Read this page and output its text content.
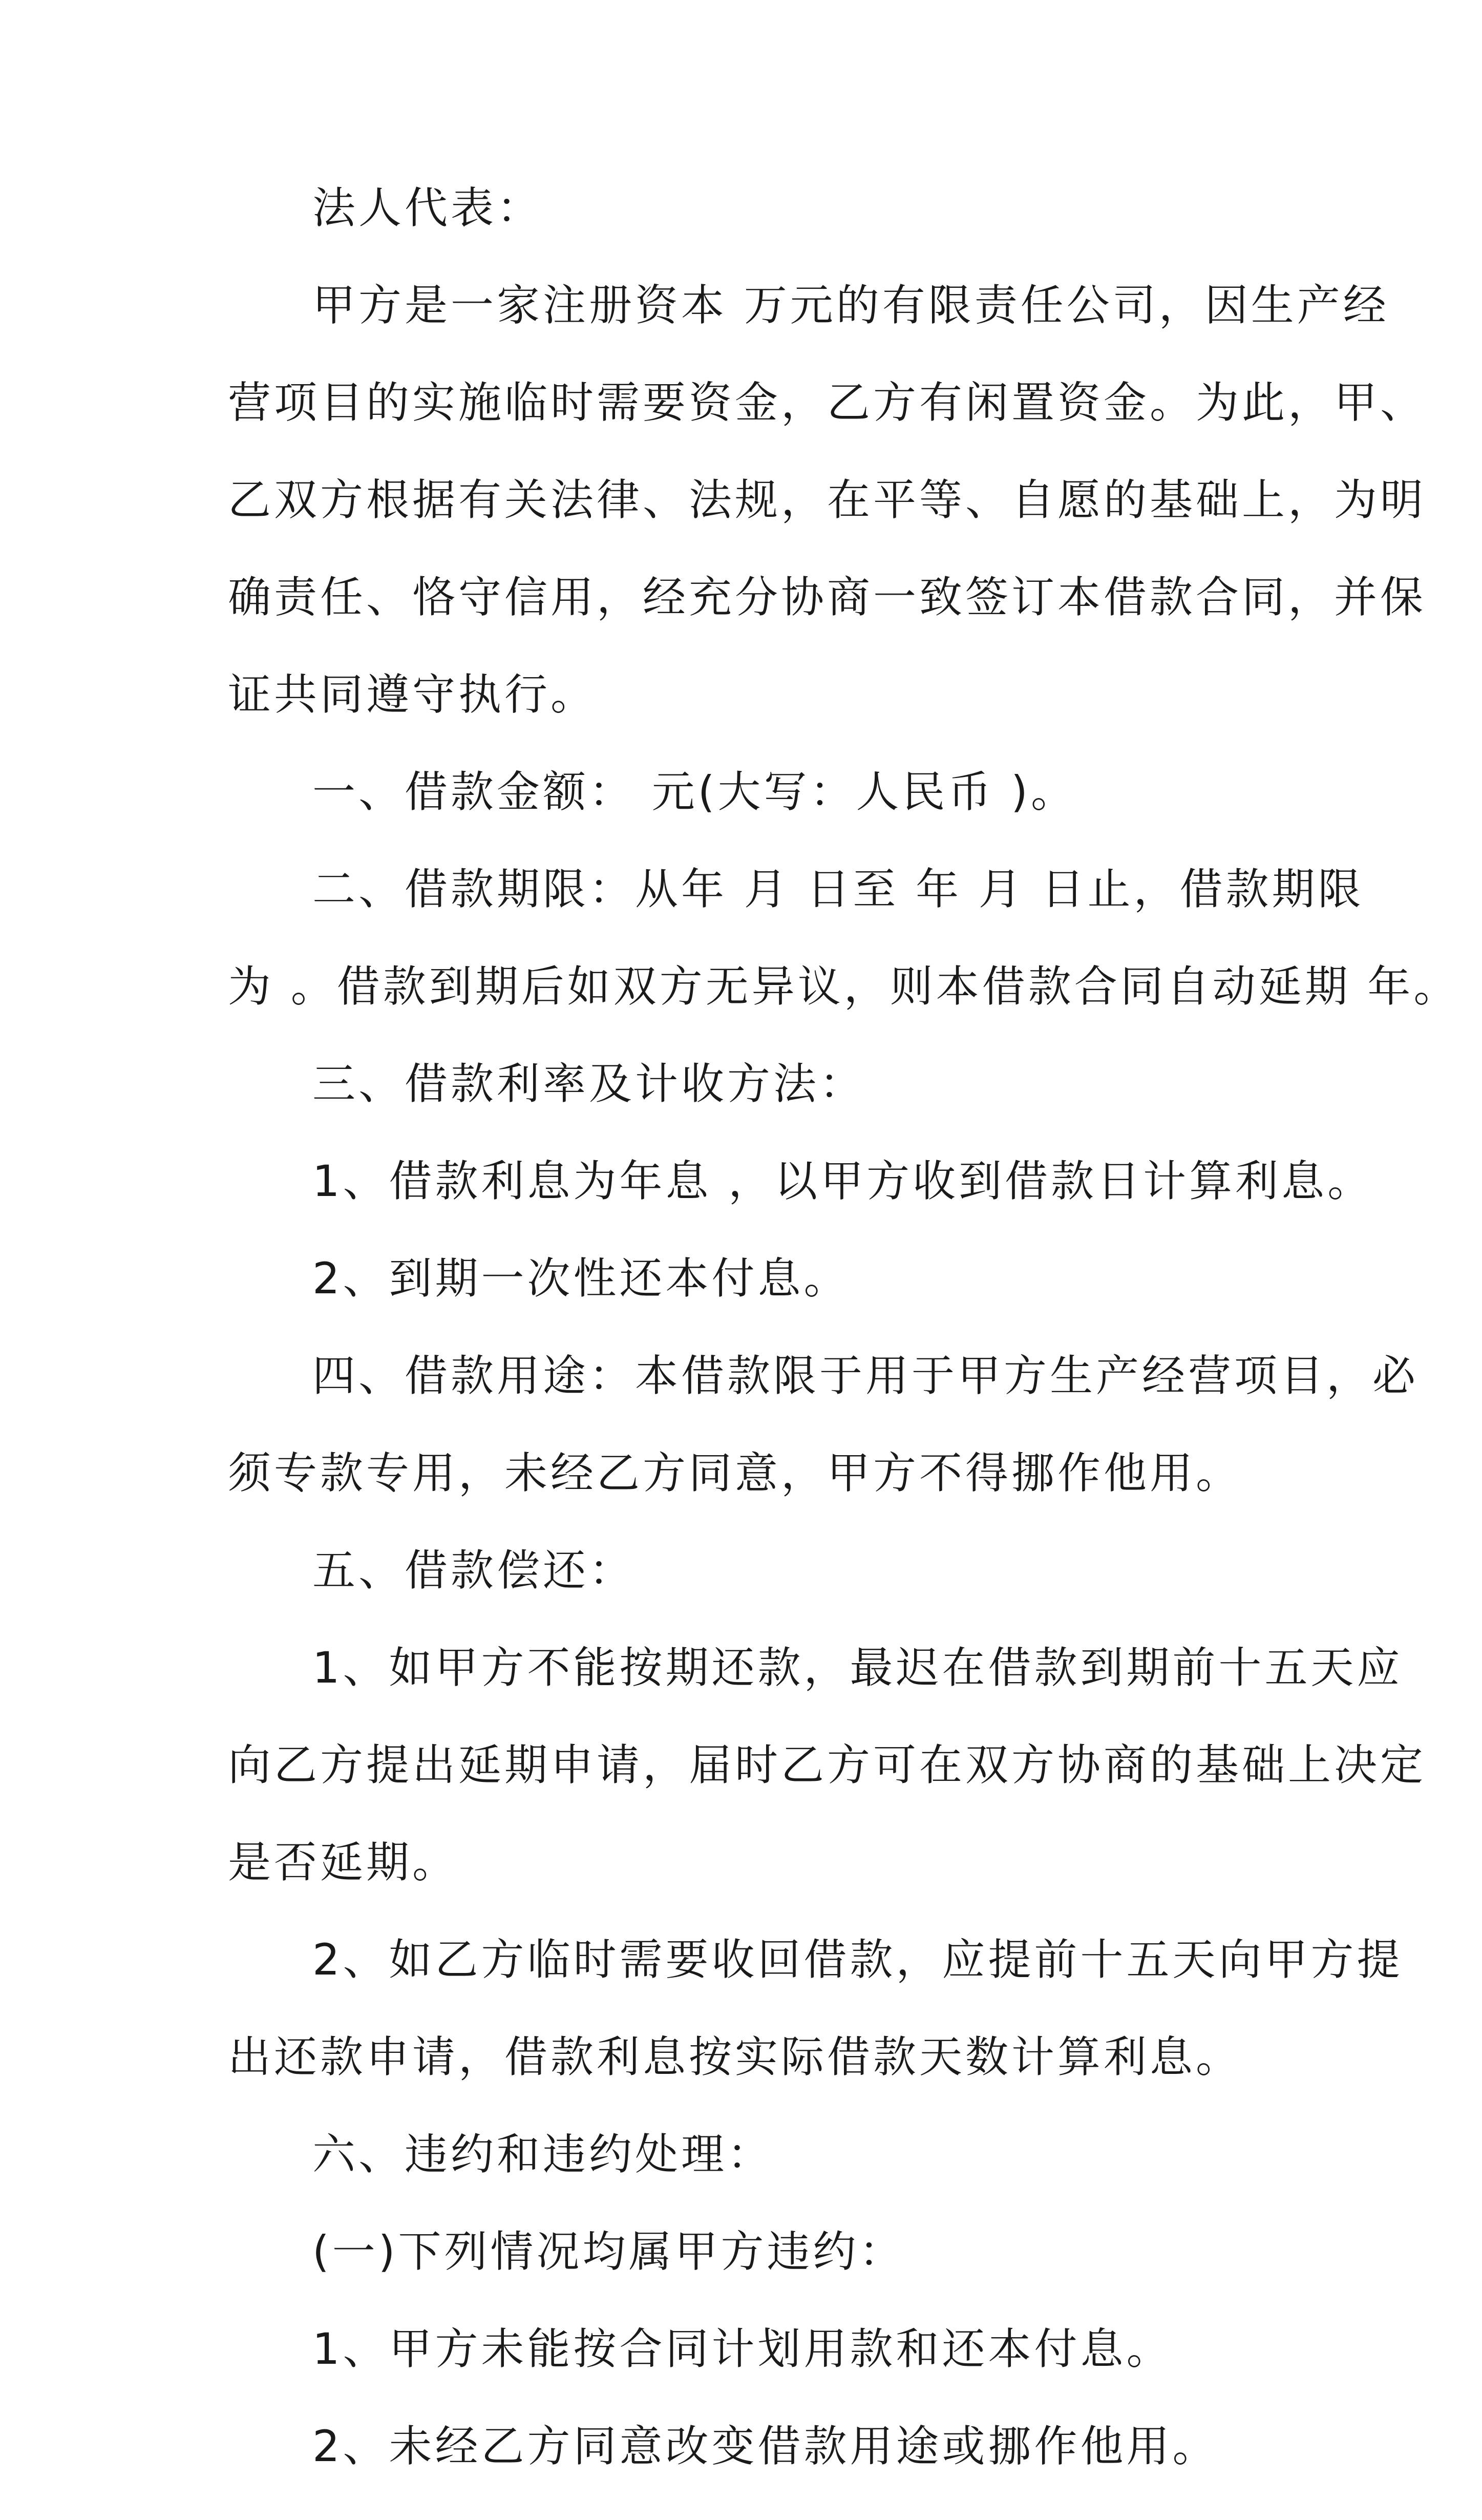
法人代表：
甲方是一家注册资本 万元的有限责任公司，因生产经
营项目的实施临时需要资金，乙方有闲置资金。为此，甲、
乙双方根据有关法律、法规，在平等、自愿的基础上，为明
确责任、恪守信用，经充分协商一致签订本借款合同，并保
证共同遵守执行。
一、借款金额： 元(大写：人民币 )。
二、借款期限：从年 月 日至 年 月 日止，借款期限
为 。借款到期后如双方无异议，则本借款合同自动延期 年。
三、借款利率及计收方法：
1、借款利息为年息 ，以甲方收到借款日计算利息。
2、到期一次性还本付息。
四、借款用途：本借款限于用于甲方生产经营项目，必
须专款专用，未经乙方同意，甲方不得挪作他用。
五、借款偿还：
1、如甲方不能按期还款，最迟在借款到期前十五天应
向乙方提出延期申请，届时乙方可在双方协商的基础上决定
是否延期。
2、如乙方临时需要收回借款，应提前十五天向甲方提
出还款申请，借款利息按实际借款天数计算利息。
六、违约和违约处理：
(一)下列情况均属甲方违约：
1、甲方未能按合同计划用款和还本付息。
2、未经乙方同意改变借款用途或挪作他用。
